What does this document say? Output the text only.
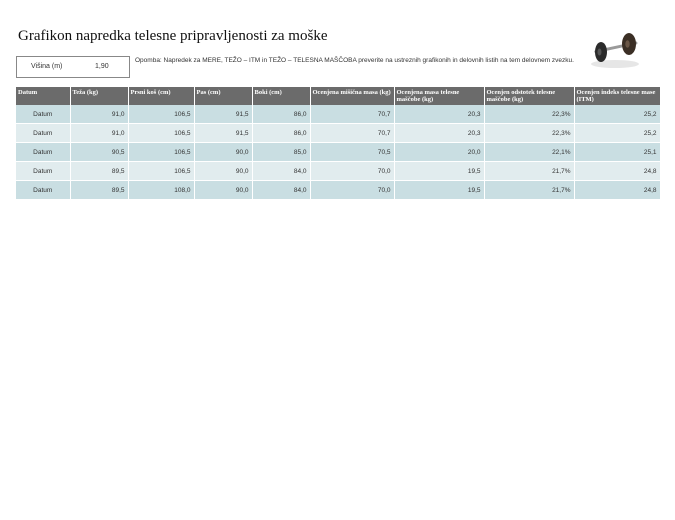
Grafikon napredka telesne pripravljenosti za moške
Višina (m)	1,90
Opomba: Napredek za MERE, TEŽO – ITM in TEŽO – TELESNA MAŠČOBA preverite na ustreznih grafikonih in delovnih listih na tem delovnem zvezku.
Datum	Teža (kg)	Prsni koš (cm)	Pas (cm)	Boki (cm)	Ocenjena mišična masa (kg)	Ocenjena masa telesne maščobe (kg)	Ocenjen odstotek telesne maščobe (kg)	Ocenjen indeks telesne mase (ITM)
Datum	91,0	106,5	91,5	86,0	70,7	20,3	22,3%	25,2
Datum	91,0	106,5	91,5	86,0	70,7	20,3	22,3%	25,2
Datum	90,5	106,5	90,0	85,0	70,5	20,0	22,1%	25,1
Datum	89,5	106,5	90,0	84,0	70,0	19,5	21,7%	24,8
Datum	89,5	108,0	90,0	84,0	70,0	19,5	21,7%	24,8
